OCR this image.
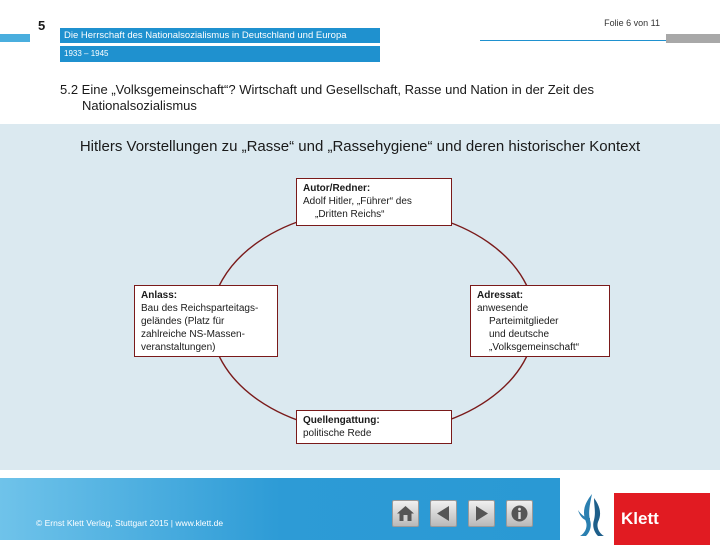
5
Die Herrschaft des Nationalsozialismus in Deutschland und Europa
Folie 6 von 11
1933 – 1945
5.2 Eine „Volksgemeinschaft“? Wirtschaft und Gesellschaft, Rasse und Nation in der Zeit des
Nationalsozialismus
Hitlers Vorstellungen zu „Rasse“ und „Rassehygiene“ und deren historischer Kontext
Autor/Redner:
Adolf Hitler, „Führer“ des
„Dritten Reichs“
Anlass:
Bau des Reichsparteitags-
geländes (Platz für
zahlreiche NS-Massen-
veranstaltungen)
Adressat:
anwesende
Parteimitglieder
und deutsche
„Volksgemeinschaft“
Quellengattung:
politische Rede
© Ernst Klett Verlag, Stuttgart 2015 | www.klett.de	Klett
